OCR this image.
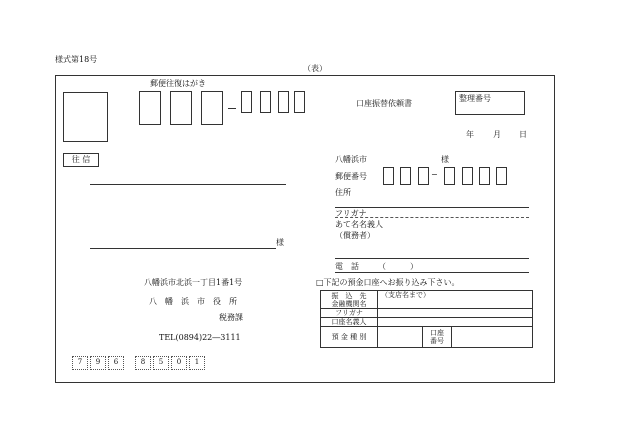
様式第18号
（表）
郵便往復はがき
口座振替依頼書
整理番号
年 月 日
往 信
様
八幡浜市	様
郵便番号	−
住所
フリガナ
あて名名義人
（償務者）
電　話 （　　　）
□下記の預金口座へお振り込み下さい。
振　込　先
金融機関名	（支店名まで）		
フリガナ			
口座名義人			
預 金 種 別		口座
番号	

八幡浜市北浜一丁目1番1号
八　幡　浜　市　役　所
税務課
TEL(0894)22―3111
7	9	6	8	5	0	1
